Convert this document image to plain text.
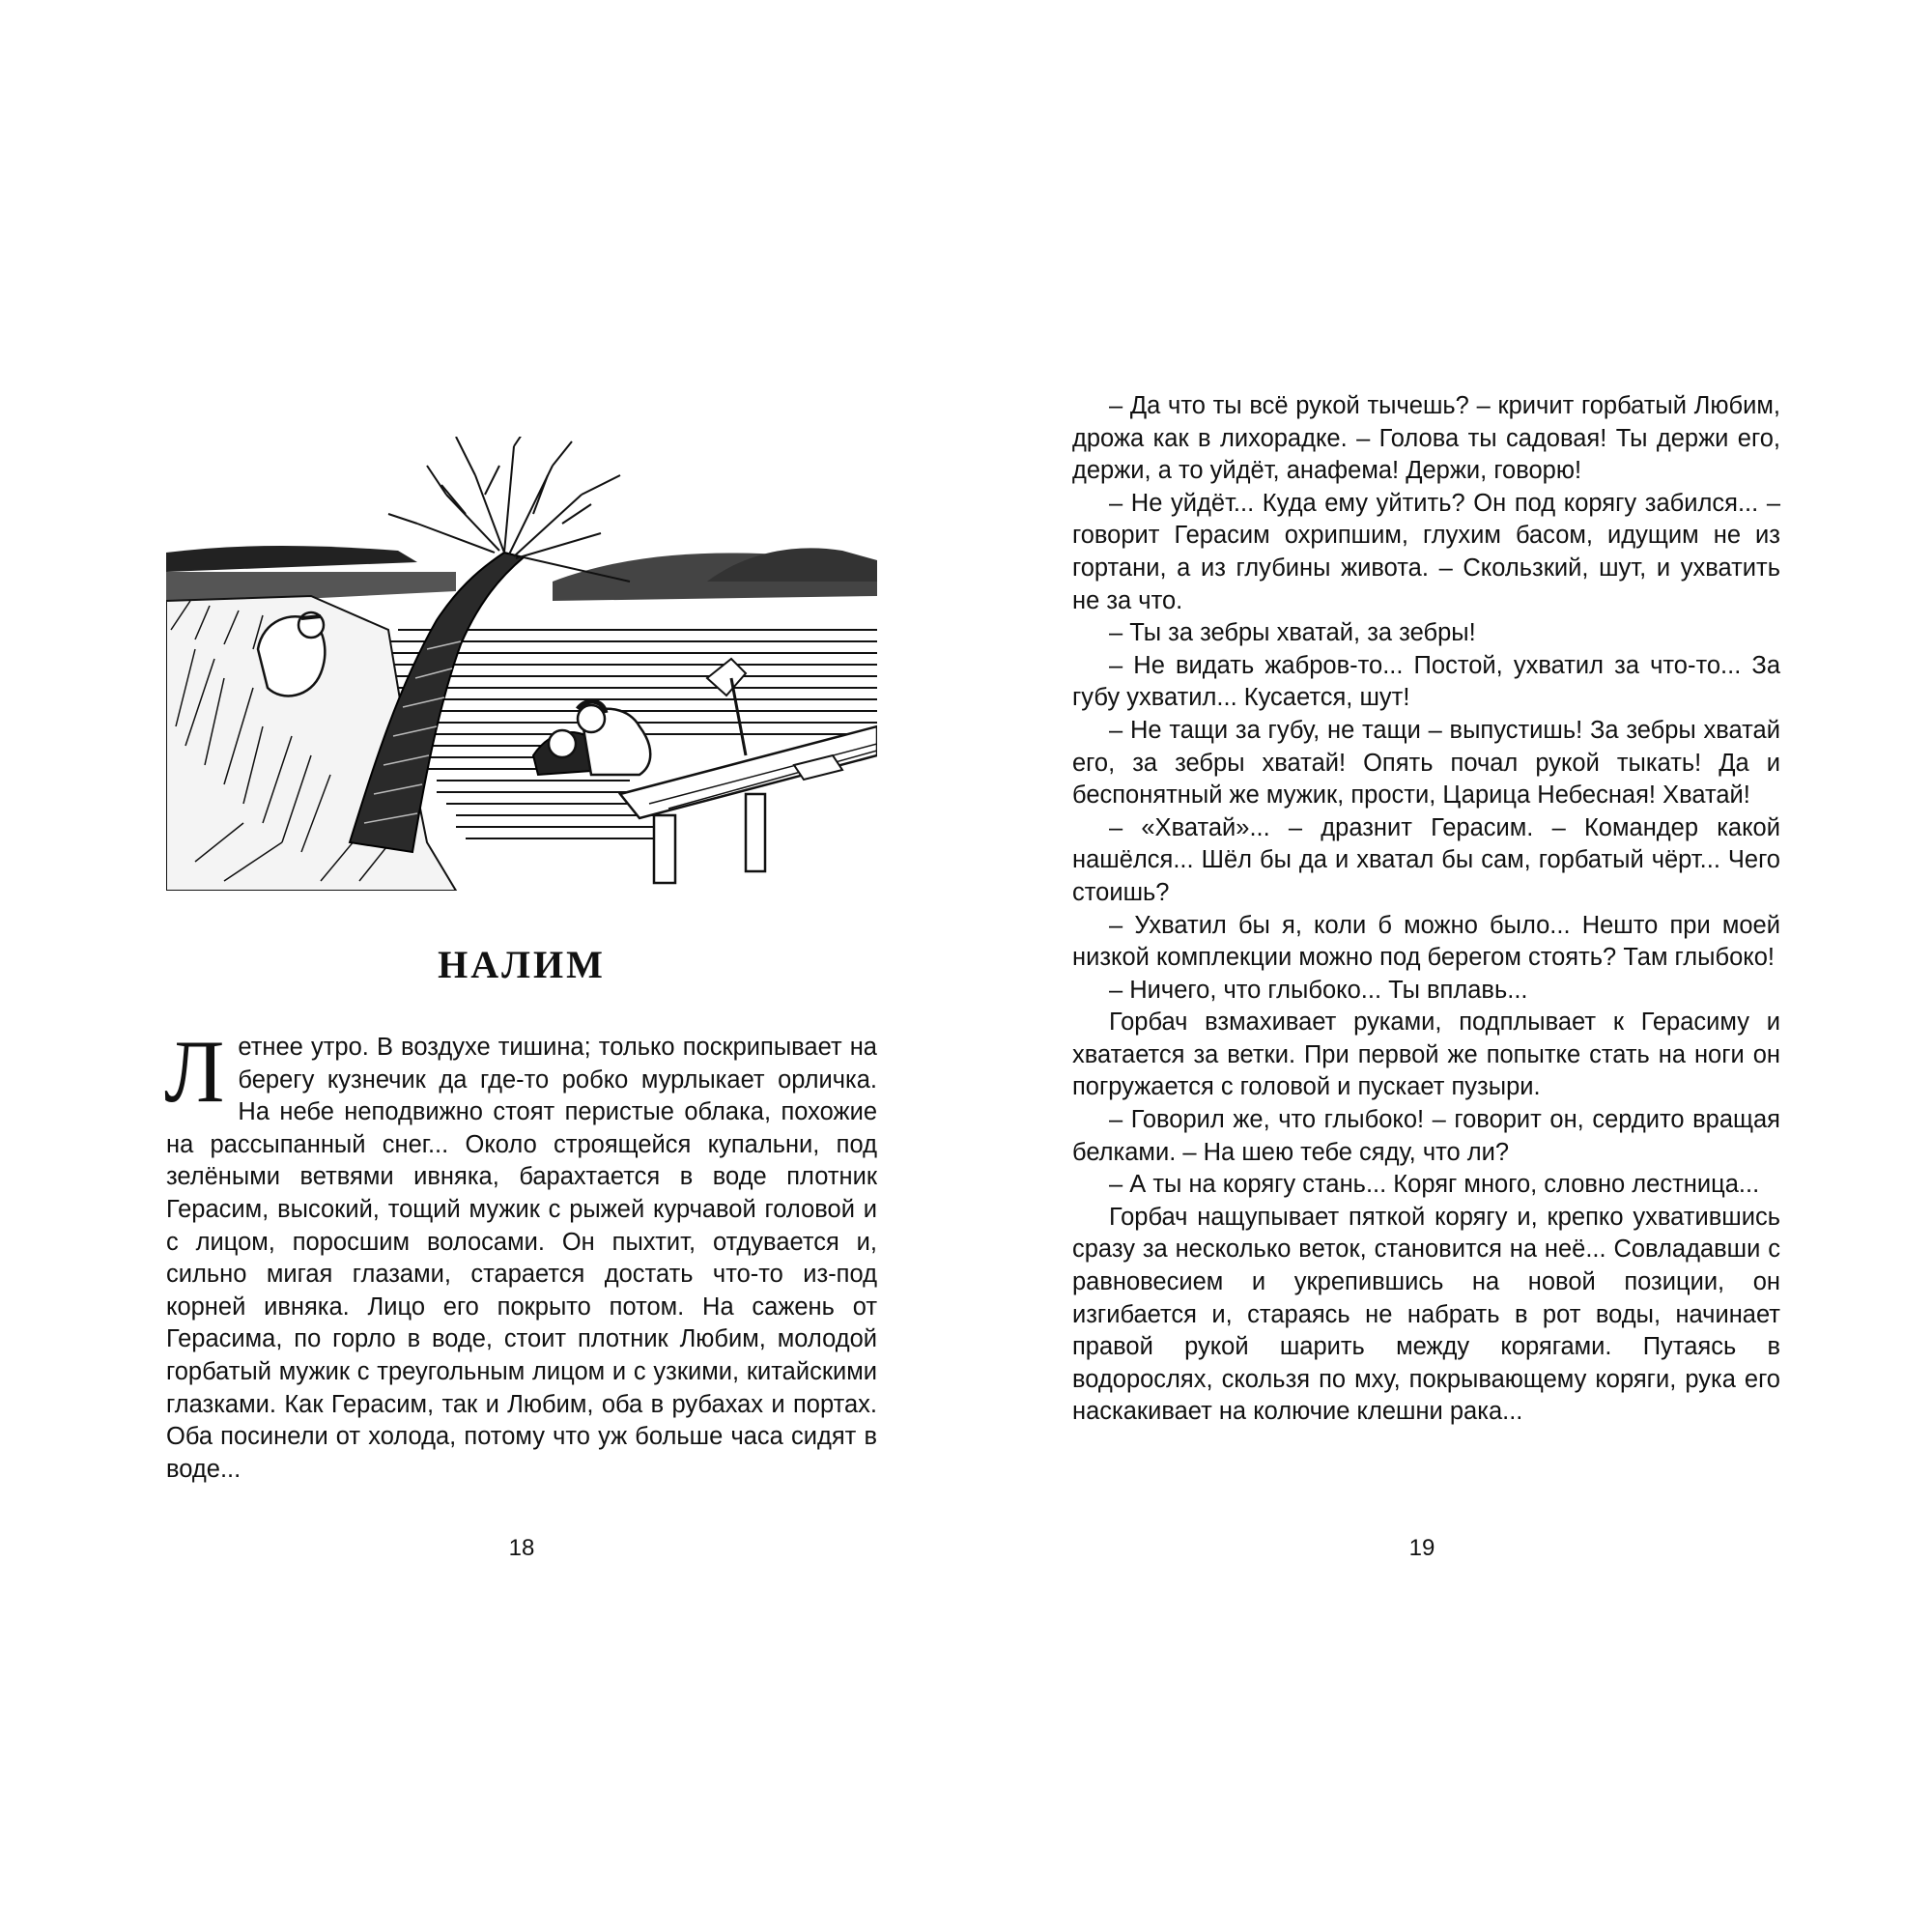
НАЛИМ
Летнее утро. В воздухе тишина; только поскрипывает на берегу кузнечик да где-то робко мурлыкает орличка. На небе неподвижно стоят перистые облака, похожие на рассыпанный снег... Около строящейся купальни, под зелёными ветвями ивняка, барахтается в воде плотник Герасим, высокий, тощий мужик с рыжей курчавой головой и с лицом, поросшим волосами. Он пыхтит, отдувается и, сильно мигая глазами, старается достать что-то из-под корней ивняка. Лицо его покрыто потом. На сажень от Герасима, по горло в воде, стоит плотник Любим, молодой горбатый мужик с треугольным лицом и с узкими, китайскими глазками. Как Герасим, так и Любим, оба в рубахах и портах. Оба посинели от холода, потому что уж больше часа сидят в воде...
18

– Да что ты всё рукой тычешь? – кричит горбатый Любим, дрожа как в лихорадке. – Голова ты садовая! Ты держи его, держи, а то уйдёт, анафема! Держи, говорю!

– Не уйдёт... Куда ему уйтить? Он под корягу забился... – говорит Герасим охрипшим, глухим басом, идущим не из гортани, а из глубины живота. – Скользкий, шут, и ухватить не за что.

– Ты за зебры хватай, за зебры!

– Не видать жабров-то... Постой, ухватил за что-то... За губу ухватил... Кусается, шут!

– Не тащи за губу, не тащи – выпустишь! За зебры хватай его, за зебры хватай! Опять почал рукой тыкать! Да и беспонятный же мужик, прости, Царица Небесная! Хватай!

– «Хватай»... – дразнит Герасим. – Командер какой нашёлся... Шёл бы да и хватал бы сам, горбатый чёрт... Чего стоишь?

– Ухватил бы я, коли б можно было... Нешто при моей низкой комплекции можно под берегом стоять? Там глыбоко!

– Ничего, что глыбоко... Ты вплавь...

Горбач взмахивает руками, подплывает к Герасиму и хватается за ветки. При первой же попытке стать на ноги он погружается с головой и пускает пузыри.

– Говорил же, что глыбоко! – говорит он, сердито вращая белками. – На шею тебе сяду, что ли?

– А ты на корягу стань... Коряг много, словно лестница...

Горбач нащупывает пяткой корягу и, крепко ухватившись сразу за несколько веток, становится на неё... Совладавши с равновесием и укрепившись на новой позиции, он изгибается и, стараясь не набрать в рот воды, начинает правой рукой шарить между корягами. Путаясь в водорослях, скользя по мху, покрывающему коряги, рука его наскакивает на колючие клешни рака...

19
